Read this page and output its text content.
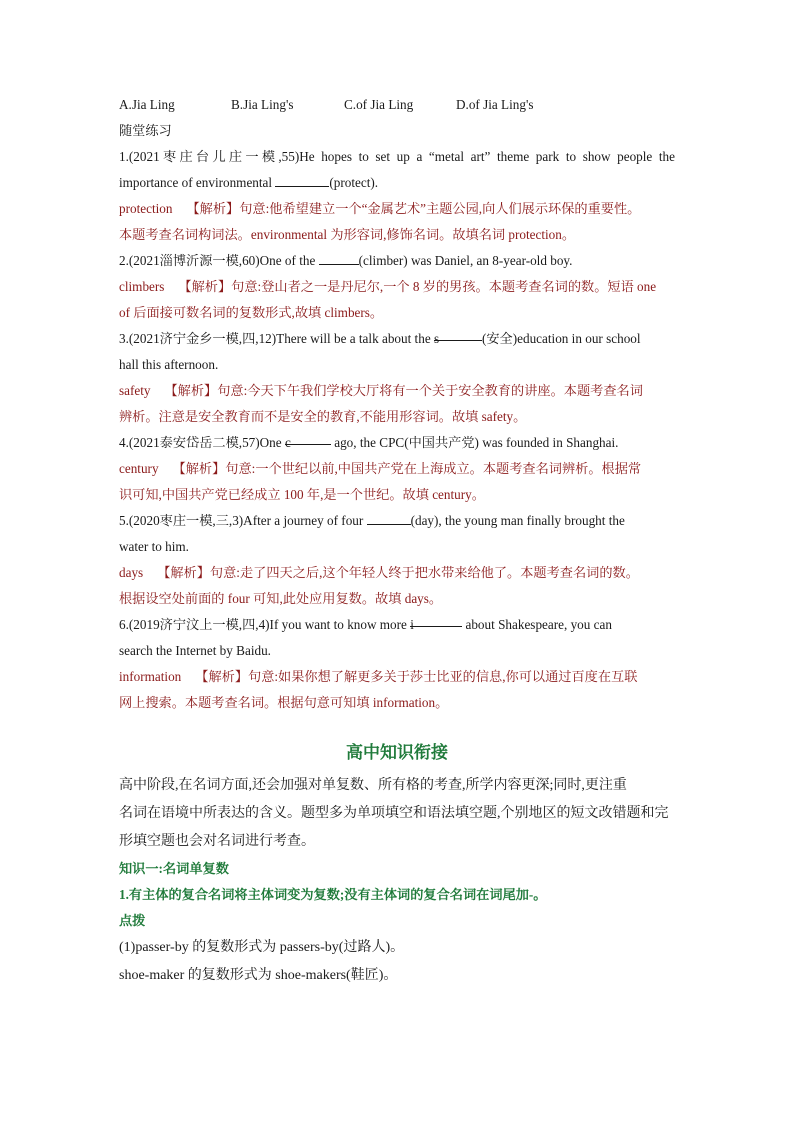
A.Jia Ling	B.Jia Ling's	C.of Jia Ling	D.of Jia Ling's
随堂练习
1.(2021枣庄台儿庄一模,55)He hopes to set up a “metal art” theme park to show people the
importance of environmental	(protect).
protection 【解析】句意:他希望建立一个“金属艺术”主题公园,向人们展示环保的重要性。
本题考查名词构词法。environmental 为形容词,修饰名词。故填名词 protection。
2.(2021淄博沂源一模,60)One of the	(climber) was Daniel, an 8-year-old boy.
climbers 【解析】句意:登山者之一是丹尼尔,一个 8 岁的男孩。本题考查名词的数。短语 one
of 后面接可数名词的复数形式,故填 climbers。
3.(2021济宁金乡一模,四,12)There will be a talk about the s	(安全)education in our school
hall this afternoon.
safety 【解析】句意:今天下午我们学校大厅将有一个关于安全教育的讲座。本题考查名词
辨析。注意是安全教育而不是安全的教育,不能用形容词。故填 safety。
4.(2021泰安岱岳二模,57)One c	ago, the CPC(中国共产党) was founded in Shanghai.
century 【解析】句意:一个世纪以前,中国共产党在上海成立。本题考查名词辨析。根据常
识可知,中国共产党已经成立 100 年,是一个世纪。故填 century。
5.(2020枣庄一模,三,3)After a journey of four	(day), the young man finally brought the
water to him.
days 【解析】句意:走了四天之后,这个年轻人终于把水带来给他了。本题考查名词的数。
根据设空处前面的 four 可知,此处应用复数。故填 days。
6.(2019济宁汶上一模,四,4)If you want to know more i	about Shakespeare, you can
search the Internet by Baidu.
information 【解析】句意:如果你想了解更多关于莎士比亚的信息,你可以通过百度在互联
网上搜索。本题考查名词。根据句意可知填 information。
高中知识衔接
高中阶段,在名词方面,还会加强对单复数、所有格的考查,所学内容更深;同时,更注重
名词在语境中所表达的含义。题型多为单项填空和语法填空题,个别地区的短文改错题和完
形填空题也会对名词进行考查。
知识一:名词单复数
1.有主体的复合名词将主体词变为复数;没有主体词的复合名词在词尾加-。
点拨
(1)passer-by 的复数形式为 passers-by(过路人)。
shoe-maker 的复数形式为 shoe-makers(鞋匠)。
